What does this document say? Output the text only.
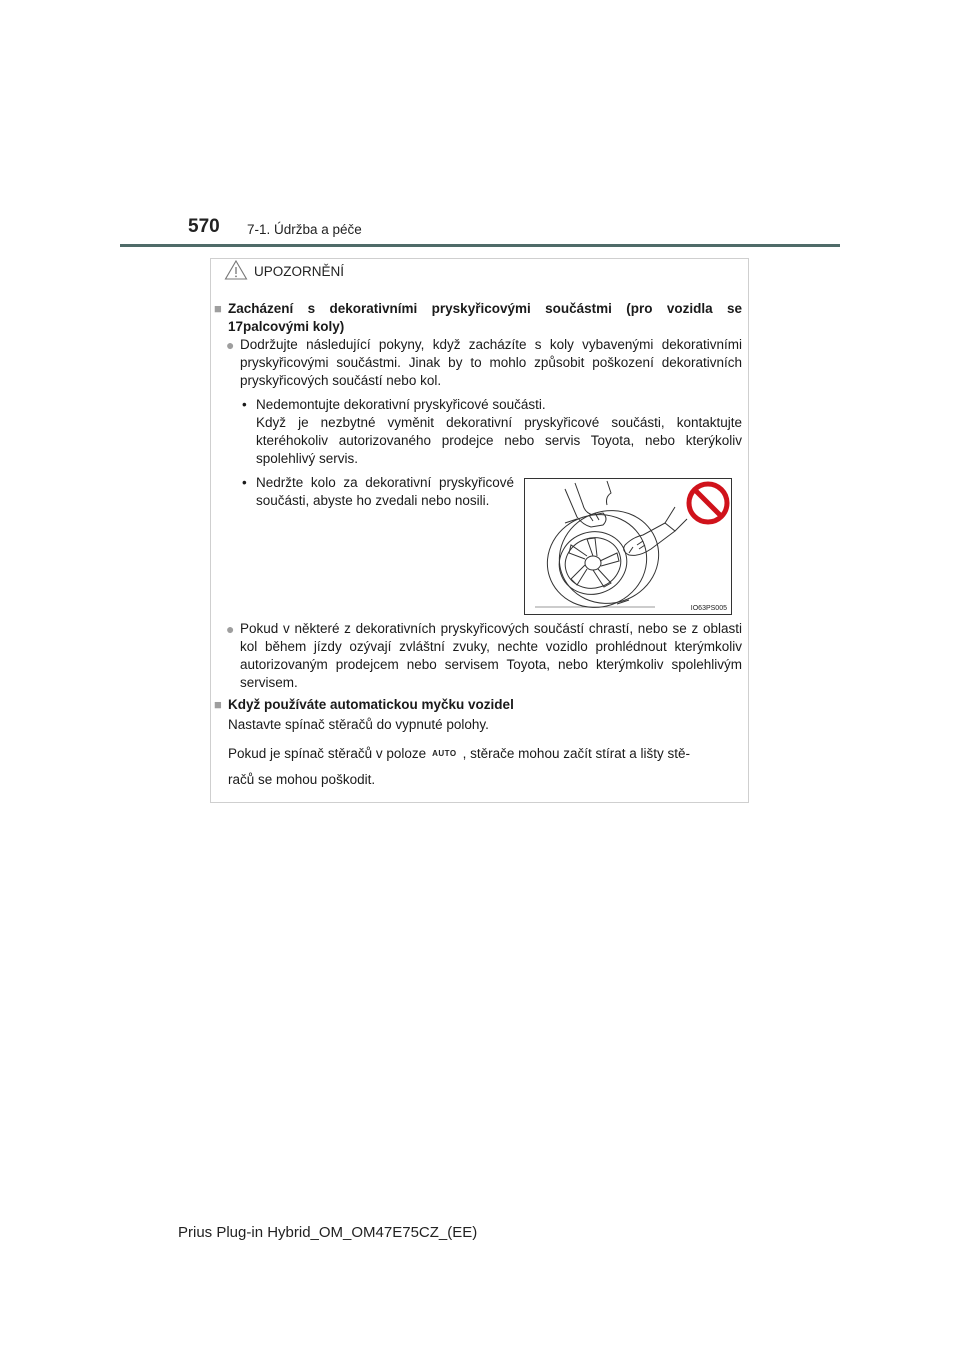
570 7-1. Údržba a péče
UPOZORNĚNÍ
■ Zacházení s dekorativními pryskyřicovými součástmi (pro vozidla se 17palcovými koly)
● Dodržujte následující pokyny, když zacházíte s koly vybavenými dekorativními pryskyřicovými součástmi. Jinak by to mohlo způsobit poškození dekorativních pryskyřicových součástí nebo kol.
• Nedemontujte dekorativní pryskyřicové součásti.
Když je nezbytné vyměnit dekorativní pryskyřicové součásti, kontaktujte kteréhokoliv autorizovaného prodejce nebo servis Toyota, nebo kterýkoliv spolehlivý servis.
• Nedržte kolo za dekorativní pryskyřicové součásti, abyste ho zvedali nebo nosili.
IO63PS005
● Pokud v některé z dekorativních pryskyřicových součástí chrastí, nebo se z oblasti kol během jízdy ozývají zvláštní zvuky, nechte vozidlo prohlédnout kterýmkoliv autorizovaným prodejcem nebo servisem Toyota, nebo kterýmkoliv spolehlivým servisem.
■ Když používáte automatickou myčku vozidel
Nastavte spínač stěračů do vypnuté polohy.
Pokud je spínač stěračů v poloze AUTO , stěrače mohou začít stírat a lišty stě-
račů se mohou poškodit.
Prius Plug-in Hybrid_OM_OM47E75CZ_(EE)
